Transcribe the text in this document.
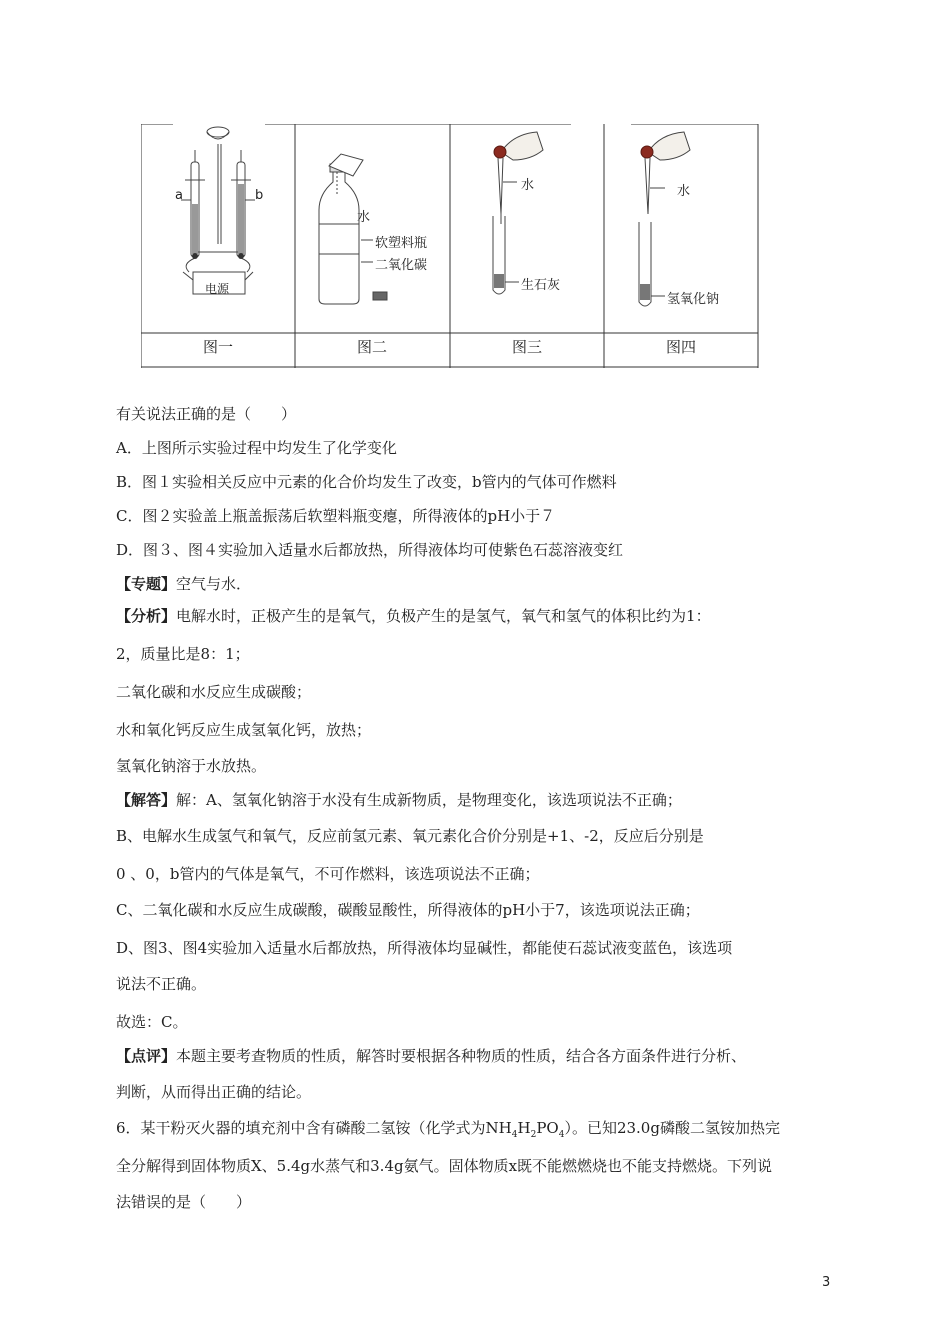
a	b
电源
水
软塑料瓶
二氧化碳
水
生石灰
水
氢氧化钠
图一	图二	图三	图四
有关说法正确的是（　　）
A．上图所示实验过程中均发生了化学变化
B．图１实验相关反应中元素的化合价均发生了改变，b管内的气体可作燃料
C．图２实验盖上瓶盖振荡后软塑料瓶变瘪，所得液体的pH小于７
D．图３、图４实验加入适量水后都放热，所得液体均可使紫色石蕊溶液变红
【专题】空气与水．
【分析】电解水时，正极产生的是氧气，负极产生的是氢气，氧气和氢气的体积比约为1：
2，质量比是8：1；
二氧化碳和水反应生成碳酸；
水和氧化钙反应生成氢氧化钙，放热；
氢氧化钠溶于水放热。
【解答】解：A、氢氧化钠溶于水没有生成新物质，是物理变化，该选项说法不正确；
B、电解水生成氢气和氧气，反应前氢元素、氧元素化合价分别是+1、-2，反应后分别是
0 、0，b管内的气体是氧气，不可作燃料，该选项说法不正确；
C、二氧化碳和水反应生成碳酸，碳酸显酸性，所得液体的pH小于7，该选项说法正确；
D、图3、图4实验加入适量水后都放热，所得液体均显碱性，都能使石蕊试液变蓝色，该选项
说法不正确。
故选：C。
【点评】本题主要考查物质的性质，解答时要根据各种物质的性质，结合各方面条件进行分析、
判断，从而得出正确的结论。
6．某干粉灭火器的填充剂中含有磷酸二氢铵（化学式为$NH_4H_2PO_4$）。已知23.0g磷酸二氢铵加热完
全分解得到固体物质X、5.4g水蒸气和3.4g氨气。固体物质x既不能燃燃烧也不能支持燃烧。下列说
法错误的是（　　）
3
